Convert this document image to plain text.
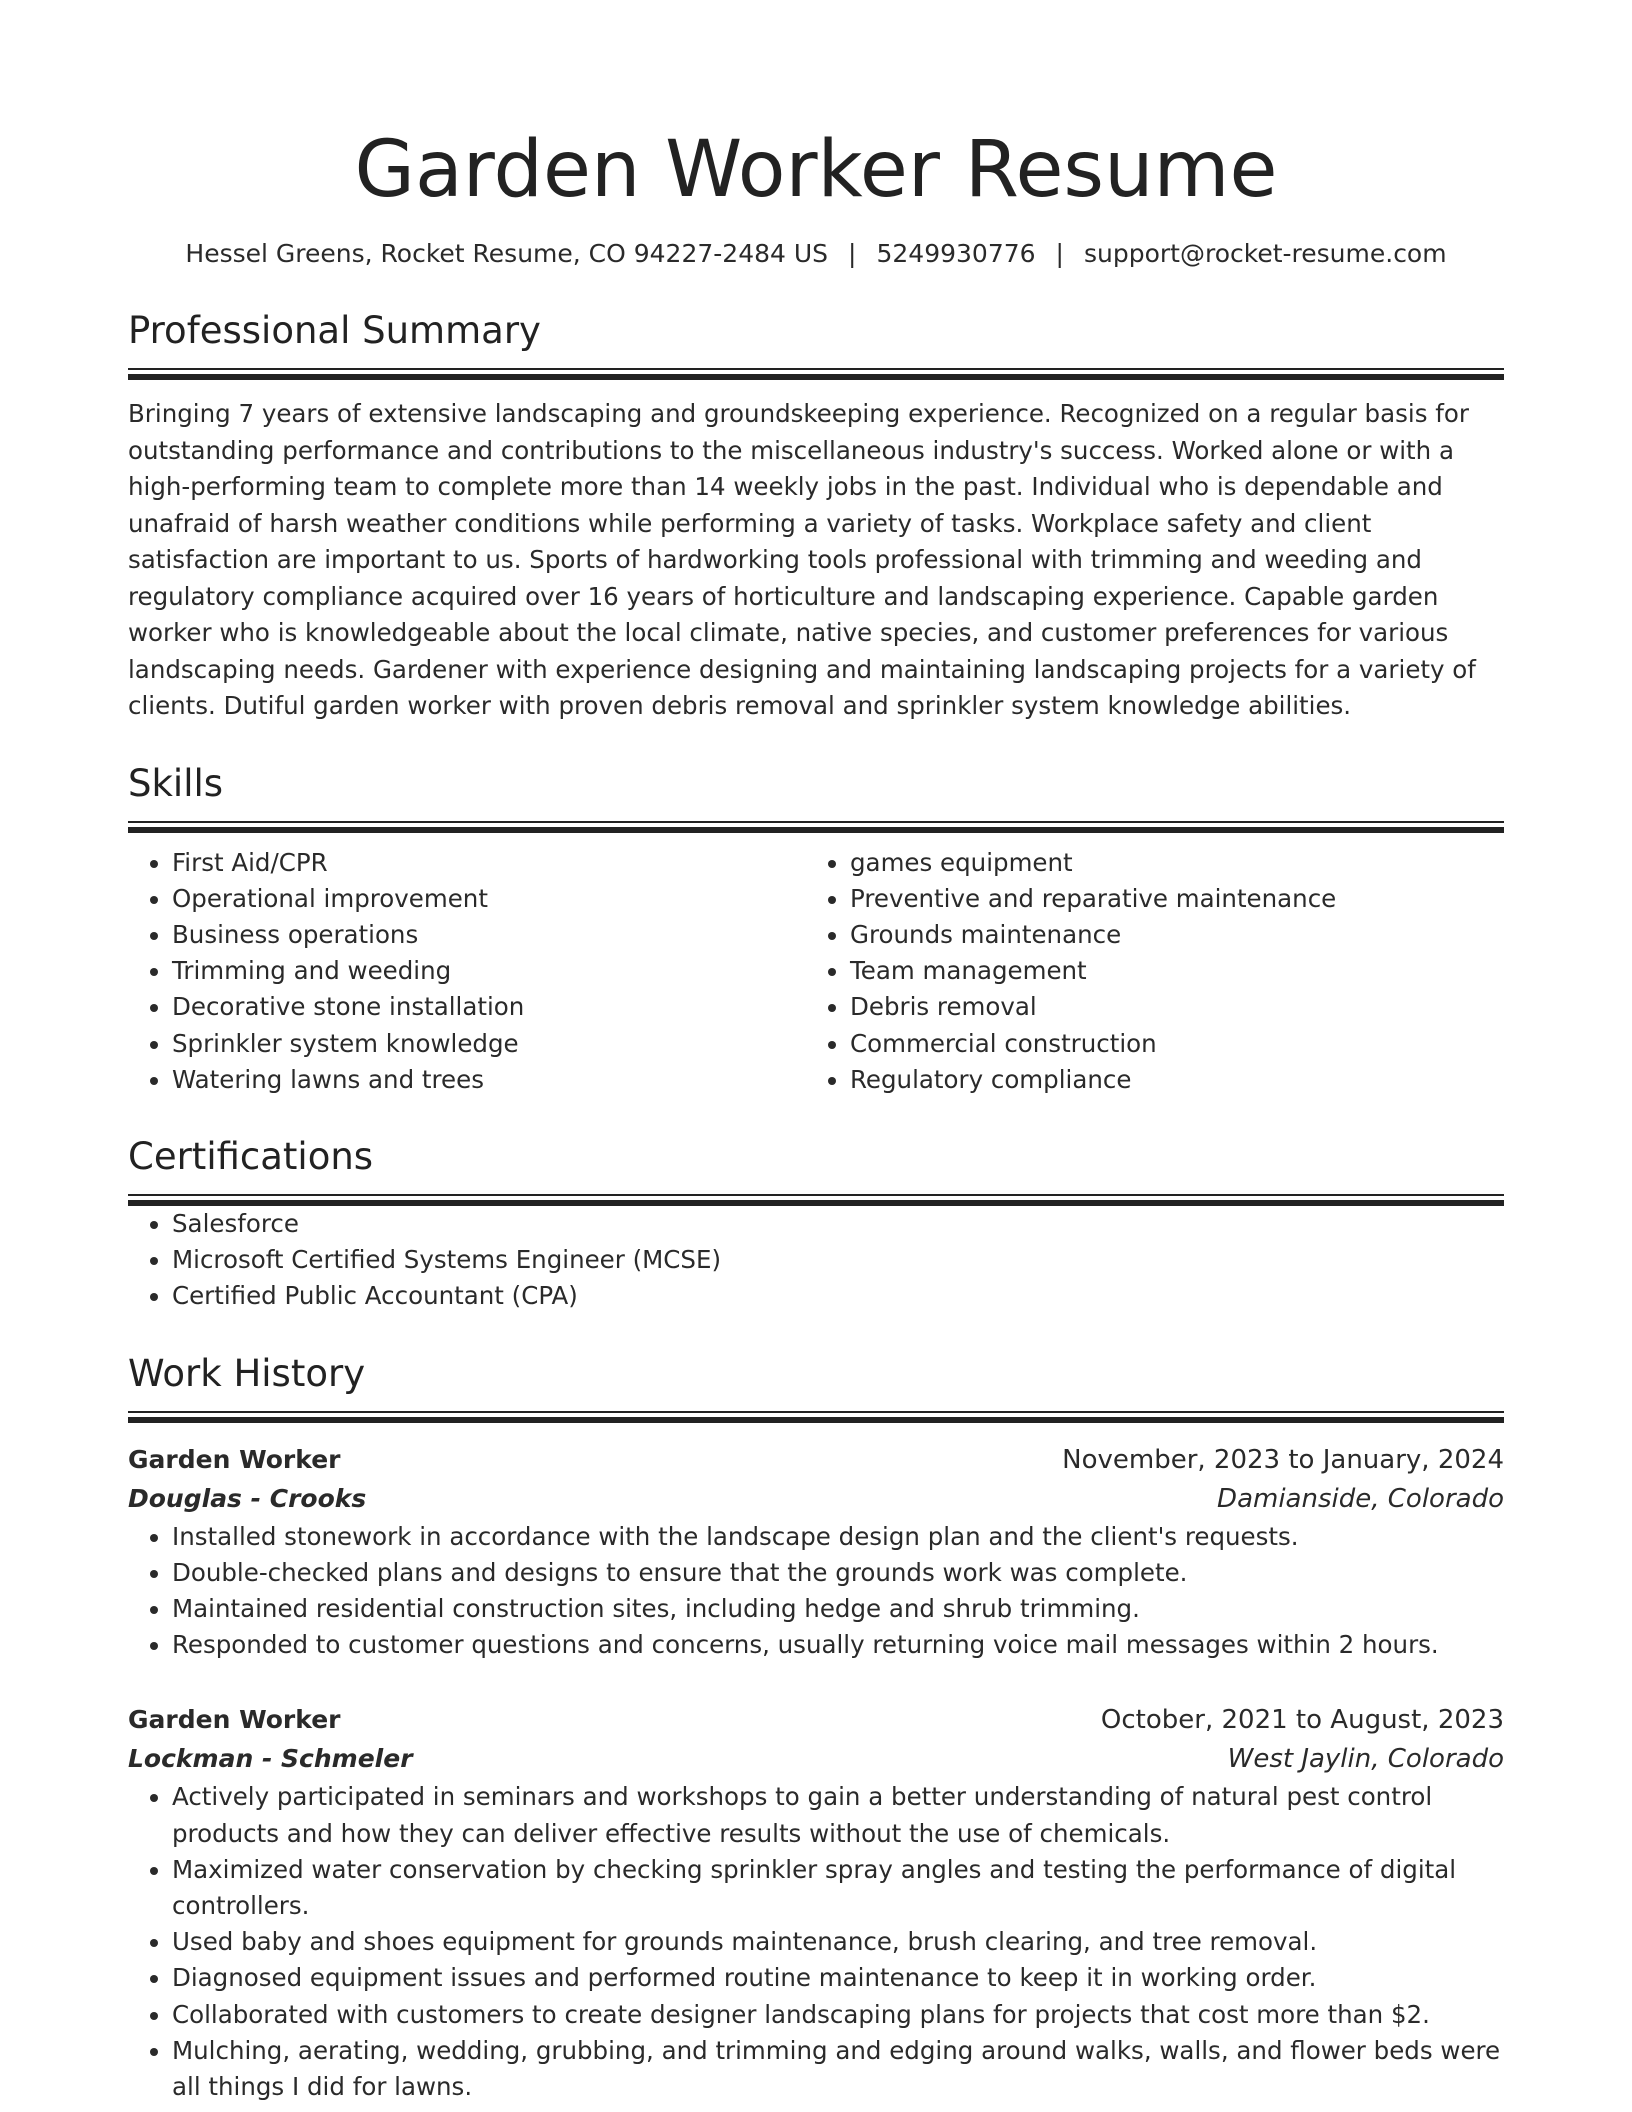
Garden Worker Resume
Hessel Greens, Rocket Resume, CO 94227-2484 US | 5249930776 | support@rocket-resume.com
Professional Summary
Bringing 7 years of extensive landscaping and groundskeeping experience. Recognized on a regular basis for outstanding performance and contributions to the miscellaneous industry's success. Worked alone or with a high-performing team to complete more than 14 weekly jobs in the past. Individual who is dependable and unafraid of harsh weather conditions while performing a variety of tasks. Workplace safety and client satisfaction are important to us. Sports of hardworking tools professional with trimming and weeding and regulatory compliance acquired over 16 years of horticulture and landscaping experience. Capable garden worker who is knowledgeable about the local climate, native species, and customer preferences for various landscaping needs. Gardener with experience designing and maintaining landscaping projects for a variety of clients. Dutiful garden worker with proven debris removal and sprinkler system knowledge abilities.
Skills
• First Aid/CPR
• Operational improvement
• Business operations
• Trimming and weeding
• Decorative stone installation
• Sprinkler system knowledge
• Watering lawns and trees
• games equipment
• Preventive and reparative maintenance
• Grounds maintenance
• Team management
• Debris removal
• Commercial construction
• Regulatory compliance
Certifications
• Salesforce
• Microsoft Certified Systems Engineer (MCSE)
• Certified Public Accountant (CPA)
Work History
Garden Worker	November, 2023 to January, 2024
Douglas - Crooks	Damianside, Colorado
• Installed stonework in accordance with the landscape design plan and the client's requests.
• Double-checked plans and designs to ensure that the grounds work was complete.
• Maintained residential construction sites, including hedge and shrub trimming.
• Responded to customer questions and concerns, usually returning voice mail messages within 2 hours.
Garden Worker	October, 2021 to August, 2023
Lockman - Schmeler	West Jaylin, Colorado
• Actively participated in seminars and workshops to gain a better understanding of natural pest control products and how they can deliver effective results without the use of chemicals.
• Maximized water conservation by checking sprinkler spray angles and testing the performance of digital controllers.
• Used baby and shoes equipment for grounds maintenance, brush clearing, and tree removal.
• Diagnosed equipment issues and performed routine maintenance to keep it in working order.
• Collaborated with customers to create designer landscaping plans for projects that cost more than $2.
• Mulching, aerating, wedding, grubbing, and trimming and edging around walks, walls, and flower beds were all things I did for lawns.
